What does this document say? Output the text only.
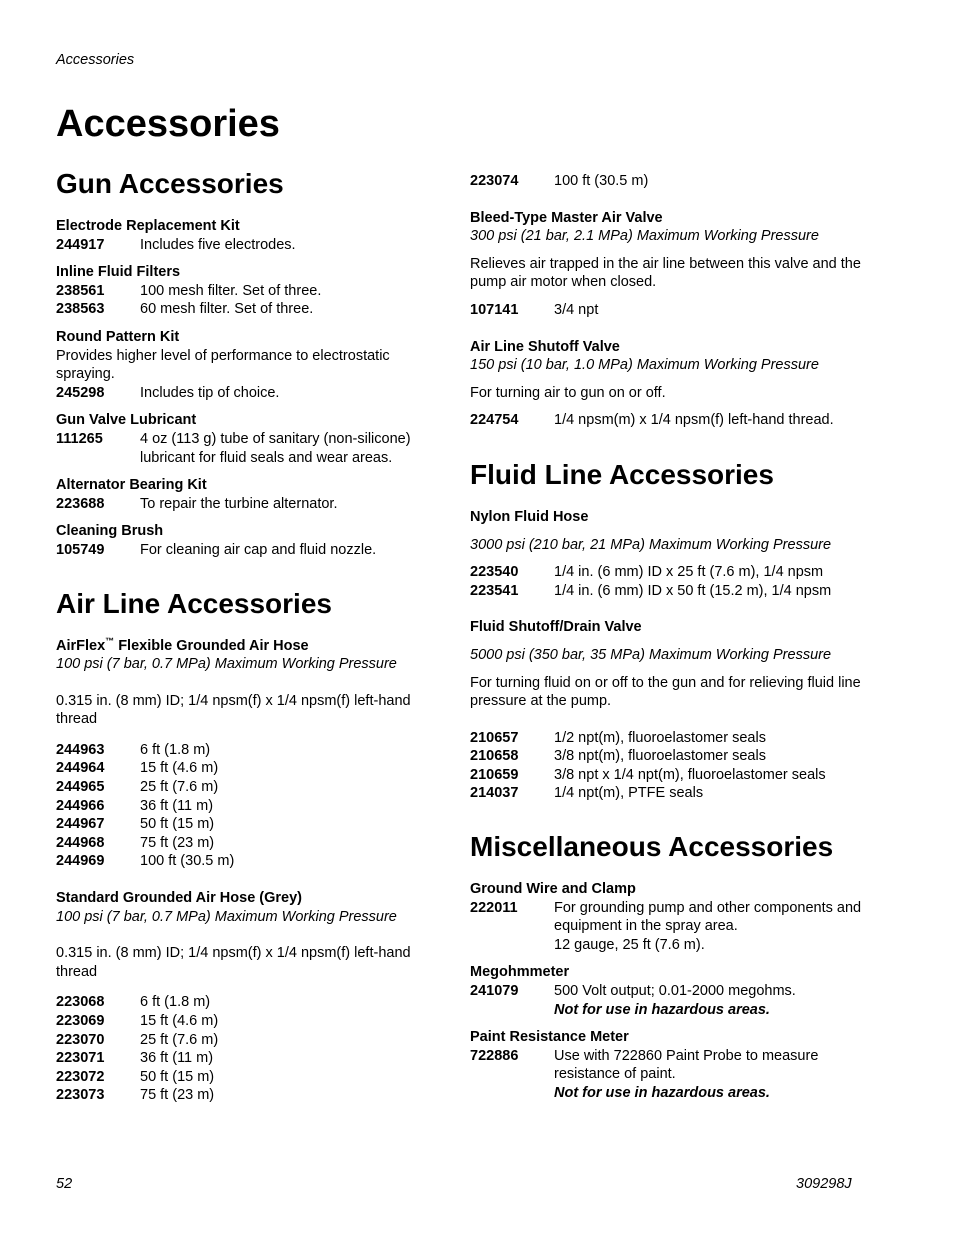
Accessories
Accessories
Gun Accessories
Electrode Replacement Kit
244917	Includes five electrodes.
Inline Fluid Filters
238561	100 mesh filter. Set of three.
238563	60 mesh filter. Set of three.
Round Pattern Kit
Provides higher level of performance to electrostatic spraying.
245298	Includes tip of choice.
Gun Valve Lubricant
111265	4 oz (113 g) tube of sanitary (non-silicone) lubricant for fluid seals and wear areas.
Alternator Bearing Kit
223688	To repair the turbine alternator.
Cleaning Brush
105749	For cleaning air cap and fluid nozzle.
Air Line Accessories
AirFlex™ Flexible Grounded Air Hose
100 psi (7 bar, 0.7 MPa) Maximum Working Pressure
0.315 in. (8 mm) ID; 1/4 npsm(f) x 1/4 npsm(f) left-hand thread
244963	6 ft (1.8 m)
244964	15 ft (4.6 m)
244965	25 ft (7.6 m)
244966	36 ft (11 m)
244967	50 ft (15 m)
244968	75 ft (23 m)
244969	100 ft (30.5 m)
Standard Grounded Air Hose (Grey)
100 psi (7 bar, 0.7 MPa) Maximum Working Pressure
0.315 in. (8 mm) ID; 1/4 npsm(f) x 1/4 npsm(f) left-hand thread
223068	6 ft (1.8 m)
223069	15 ft (4.6 m)
223070	25 ft (7.6 m)
223071	36 ft (11 m)
223072	50 ft (15 m)
223073	75 ft (23 m)
223074	100 ft (30.5 m)
Bleed-Type Master Air Valve
300 psi (21 bar, 2.1 MPa) Maximum Working Pressure
Relieves air trapped in the air line between this valve and the pump air motor when closed.
107141	3/4 npt
Air Line Shutoff Valve
150 psi (10 bar, 1.0 MPa) Maximum Working Pressure
For turning air to gun on or off.
224754	1/4 npsm(m) x 1/4 npsm(f) left-hand thread.
Fluid Line Accessories
Nylon Fluid Hose
3000 psi (210 bar, 21 MPa) Maximum Working Pressure
223540	1/4 in. (6 mm) ID x 25 ft (7.6 m), 1/4 npsm
223541	1/4 in. (6 mm) ID x 50 ft (15.2 m), 1/4 npsm
Fluid Shutoff/Drain Valve
5000 psi (350 bar, 35 MPa) Maximum Working Pressure
For turning fluid on or off to the gun and for relieving fluid line pressure at the pump.
210657	1/2 npt(m), fluoroelastomer seals
210658	3/8 npt(m), fluoroelastomer seals
210659	3/8 npt x 1/4 npt(m), fluoroelastomer seals
214037	1/4 npt(m), PTFE seals
Miscellaneous Accessories
Ground Wire and Clamp
222011	For grounding pump and other components and equipment in the spray area.
12 gauge, 25 ft (7.6 m).
Megohmmeter
241079	500 Volt output; 0.01-2000 megohms.
Not for use in hazardous areas.
Paint Resistance Meter
722886	Use with 722860 Paint Probe to measure resistance of paint.
Not for use in hazardous areas.
52	309298J
